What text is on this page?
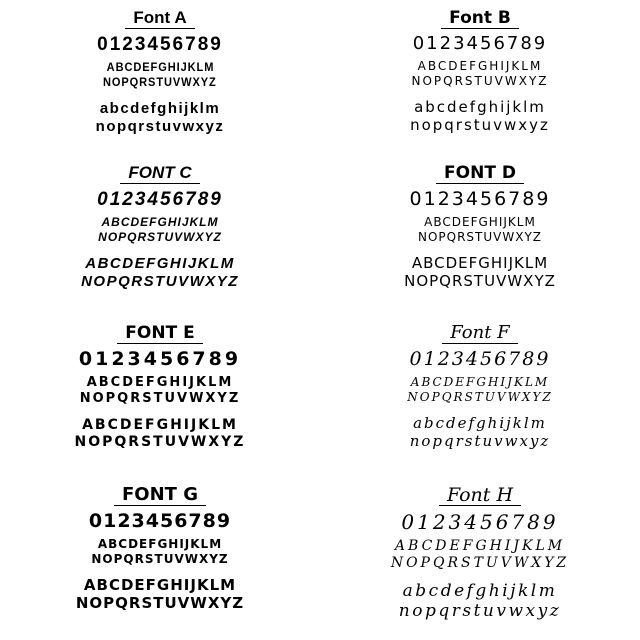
Font A
0123456789
ABCDEFGHIJKLM
NOPQRSTUVWXYZ
abcdefghijklm
nopqrstuvwxyz
Font B
0123456789
ABCDEFGHIJKLM
NOPQRSTUVWXYZ
abcdefghijklm
nopqrstuvwxyz
FONT C
0123456789
ABCDEFGHIJKLM
NOPQRSTUVWXYZ
ABCDEFGHIJKLM
NOPQRSTUVWXYZ
FONT D
0123456789
ABCDEFGHIJKLM
NOPQRSTUVWXYZ
ABCDEFGHIJKLM
NOPQRSTUVWXYZ
FONT E
0123456789
ABCDEFGHIJKLM
NOPQRSTUVWXYZ
ABCDEFGHIJKLM
NOPQRSTUVWXYZ
Font F
0123456789
ABCDEFGHIJKLM
NOPQRSTUVWXYZ
abcdefghijklm
nopqrstuvwxyz
FONT G
0123456789
ABCDEFGHIJKLM
NOPQRSTUVWXYZ
ABCDEFGHIJKLM
NOPQRSTUVWXYZ
Font H
0123456789
ABCDEFGHIJKLM
NOPQRSTUVWXYZ
abcdefghijklm
nopqrstuvwxyz
